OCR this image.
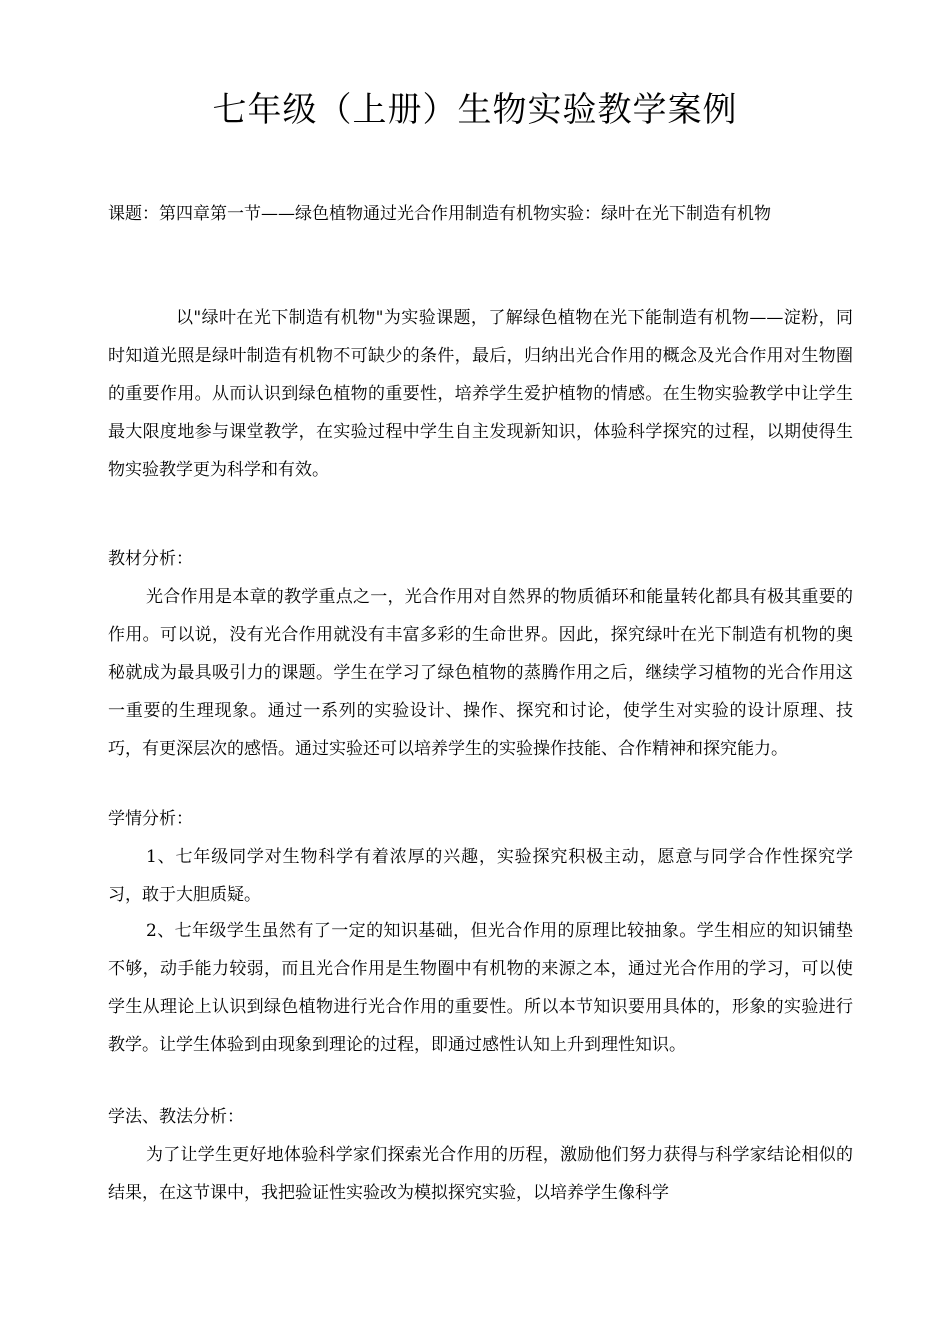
七年级（上册）生物实验教学案例
课题：第四章第一节——绿色植物通过光合作用制造有机物实验：绿叶在光下制造有机物
以"绿叶在光下制造有机物"为实验课题，了解绿色植物在光下能制造有机物——淀粉，同时知道光照是绿叶制造有机物不可缺少的条件，最后，归纳出光合作用的概念及光合作用对生物圈的重要作用。从而认识到绿色植物的重要性，培养学生爱护植物的情感。在生物实验教学中让学生最大限度地参与课堂教学，在实验过程中学生自主发现新知识，体验科学探究的过程，以期使得生物实验教学更为科学和有效。
教材分析：
光合作用是本章的教学重点之一，光合作用对自然界的物质循环和能量转化都具有极其重要的作用。可以说，没有光合作用就没有丰富多彩的生命世界。因此，探究绿叶在光下制造有机物的奥秘就成为最具吸引力的课题。学生在学习了绿色植物的蒸腾作用之后，继续学习植物的光合作用这一重要的生理现象。通过一系列的实验设计、操作、探究和讨论，使学生对实验的设计原理、技巧，有更深层次的感悟。通过实验还可以培养学生的实验操作技能、合作精神和探究能力。
学情分析：
1、七年级同学对生物科学有着浓厚的兴趣，实验探究积极主动，愿意与同学合作性探究学习，敢于大胆质疑。
2、七年级学生虽然有了一定的知识基础，但光合作用的原理比较抽象。学生相应的知识铺垫不够，动手能力较弱，而且光合作用是生物圈中有机物的来源之本，通过光合作用的学习，可以使学生从理论上认识到绿色植物进行光合作用的重要性。所以本节知识要用具体的，形象的实验进行教学。让学生体验到由现象到理论的过程，即通过感性认知上升到理性知识。
学法、教法分析：
为了让学生更好地体验科学家们探索光合作用的历程，激励他们努力获得与科学家结论相似的结果，在这节课中，我把验证性实验改为模拟探究实验，以培养学生像科学
